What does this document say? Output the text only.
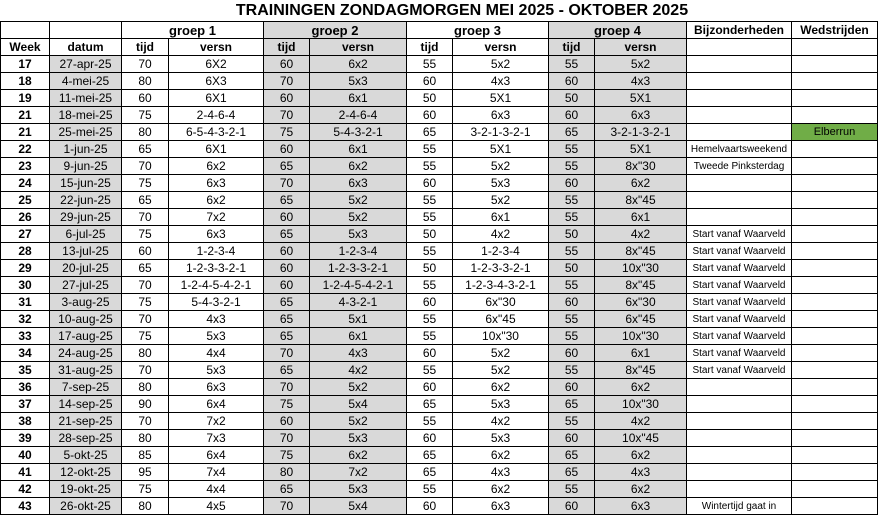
TRAININGEN ZONDAGMORGEN MEI 2025 - OKTOBER 2025
		groep 1		groep 2		groep 3		groep 4		Bijzonderheden	Wedstrijden
Week	datum	tijd	versn	tijd	versn	tijd	versn	tijd	versn		
17	27-apr-25	70	6X2	60	6x2	55	5x2	55	5x2		
18	4-mei-25	80	6X3	70	5x3	60	4x3	60	4x3		
19	11-mei-25	60	6X1	60	6x1	50	5X1	50	5X1		
21	18-mei-25	75	2-4-6-4	70	2-4-6-4	60	6x3	60	6x3		
21	25-mei-25	80	6-5-4-3-2-1	75	5-4-3-2-1	65	3-2-1-3-2-1	65	3-2-1-3-2-1		Elberrun
22	1-jun-25	65	6X1	60	6x1	55	5X1	55	5X1	Hemelvaartsweekend	
23	9-jun-25	70	6x2	65	6x2	55	5x2	55	8x"30	Tweede Pinksterdag	
24	15-jun-25	75	6x3	70	6x3	60	5x3	60	6x2		
25	22-jun-25	65	6x2	65	5x2	55	5x2	55	8x"45		
26	29-jun-25	70	7x2	60	5x2	55	6x1	55	6x1		
27	6-jul-25	75	6x3	65	5x3	50	4x2	50	4x2	Start vanaf Waarveld	
28	13-jul-25	60	1-2-3-4	60	1-2-3-4	55	1-2-3-4	55	8x"45	Start vanaf Waarveld	
29	20-jul-25	65	1-2-3-3-2-1	60	1-2-3-3-2-1	50	1-2-3-3-2-1	50	10x"30	Start vanaf Waarveld	
30	27-jul-25	70	1-2-4-5-4-2-1	60	1-2-4-5-4-2-1	55	1-2-3-4-3-2-1	55	8x"45	Start vanaf Waarveld	
31	3-aug-25	75	5-4-3-2-1	65	4-3-2-1	60	6x"30	60	6x"30	Start vanaf Waarveld	
32	10-aug-25	70	4x3	65	5x1	55	6x"45	55	6x"45	Start vanaf Waarveld	
33	17-aug-25	75	5x3	65	6x1	55	10x"30	55	10x"30	Start vanaf Waarveld	
34	24-aug-25	80	4x4	70	4x3	60	5x2	60	6x1	Start vanaf Waarveld	
35	31-aug-25	70	5x3	65	4x2	55	5x2	55	8x"45	Start vanaf Waarveld	
36	7-sep-25	80	6x3	70	5x2	60	6x2	60	6x2		
37	14-sep-25	90	6x4	75	5x4	65	5x3	65	10x"30		
38	21-sep-25	70	7x2	60	5x2	55	4x2	55	4x2		
39	28-sep-25	80	7x3	70	5x3	60	5x3	60	10x"45		
40	5-okt-25	85	6x4	75	6x2	65	6x2	65	6x2		
41	12-okt-25	95	7x4	80	7x2	65	4x3	65	4x3		
42	19-okt-25	75	4x4	65	5x3	55	6x2	55	6x2		
43	26-okt-25	80	4x5	70	5x4	60	6x3	60	6x3	Wintertijd gaat in	
